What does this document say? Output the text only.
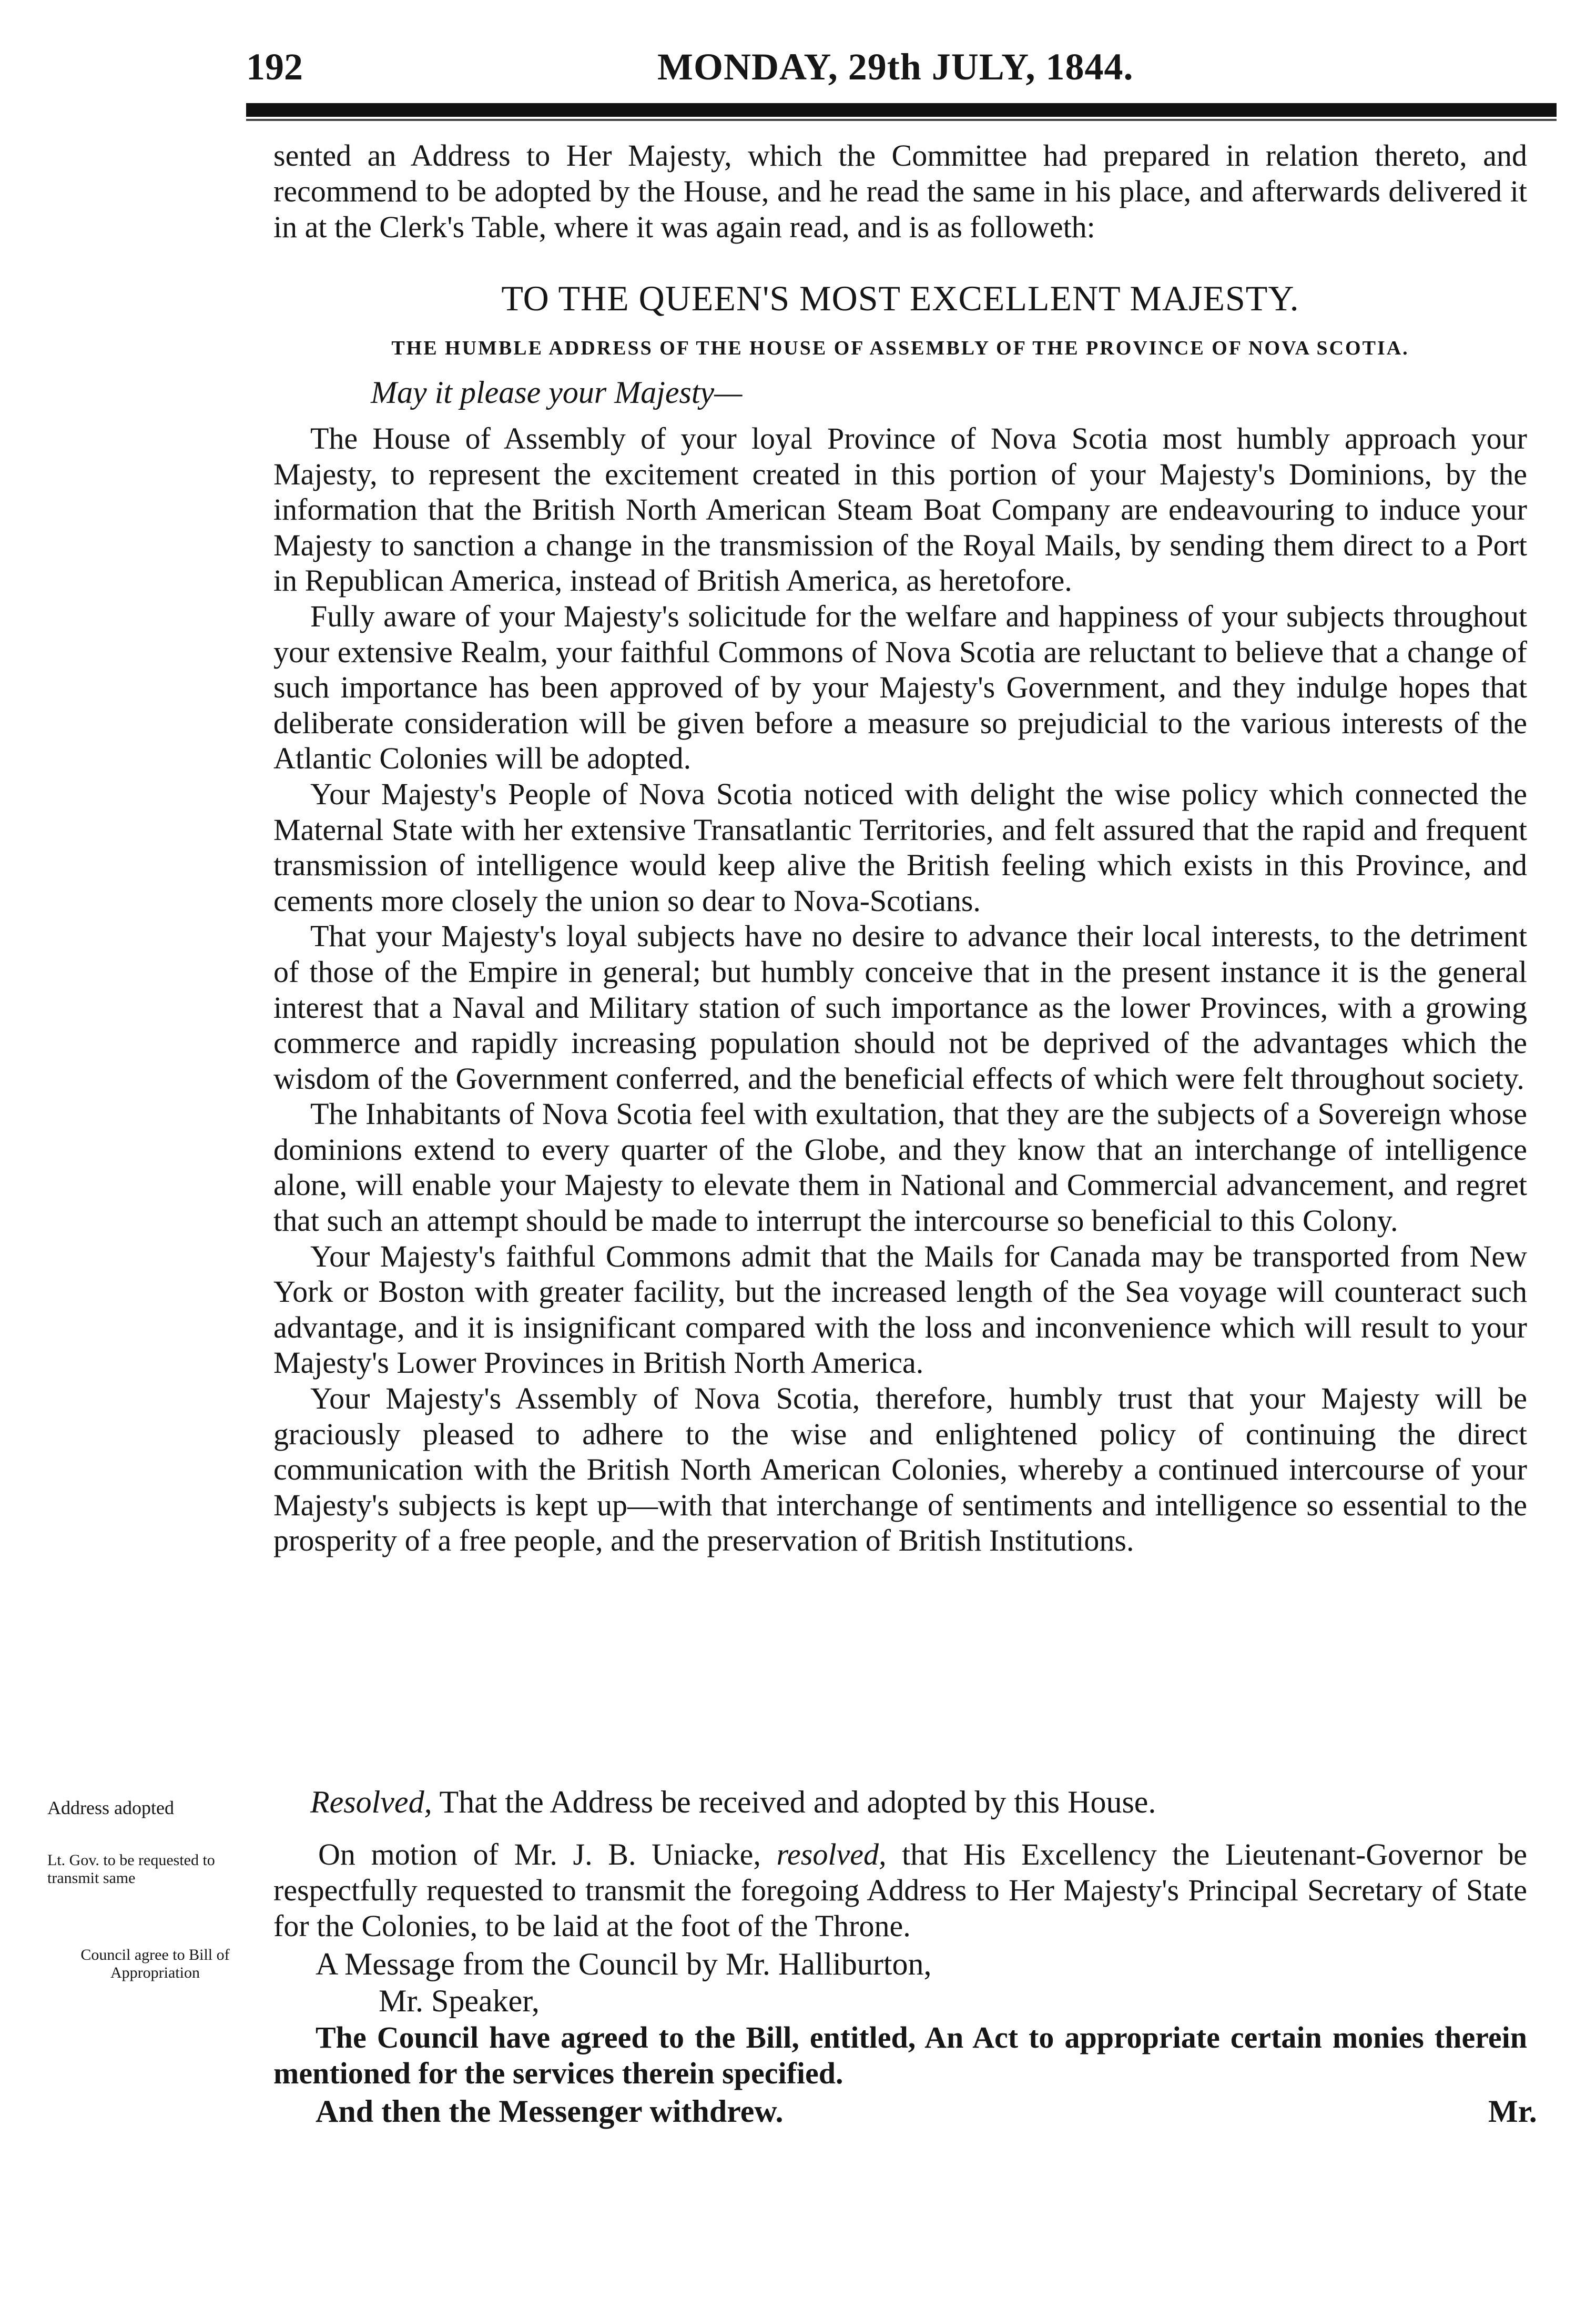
192	MONDAY, 29th JULY, 1844.

sented an Address to Her Majesty, which the Committee had prepared in relation thereto, and recommend to be adopted by the House, and he read the same in his place, and afterwards delivered it in at the Clerk's Table, where it was again read, and is as followeth:

TO THE QUEEN'S MOST EXCELLENT MAJESTY.
THE HUMBLE ADDRESS OF THE HOUSE OF ASSEMBLY OF THE PROVINCE OF NOVA SCOTIA.
May it please your Majesty—

The House of Assembly of your loyal Province of Nova Scotia most humbly approach your Majesty, to represent the excitement created in this portion of your Majesty's Dominions, by the information that the British North American Steam Boat Company are endeavouring to induce your Majesty to sanction a change in the transmission of the Royal Mails, by sending them direct to a Port in Republican America, instead of British America, as heretofore.

Fully aware of your Majesty's solicitude for the welfare and happiness of your subjects throughout your extensive Realm, your faithful Commons of Nova Scotia are reluctant to believe that a change of such importance has been approved of by your Majesty's Government, and they indulge hopes that deliberate consideration will be given before a measure so prejudicial to the various interests of the Atlantic Colonies will be adopted.

Your Majesty's People of Nova Scotia noticed with delight the wise policy which connected the Maternal State with her extensive Transatlantic Territories, and felt assured that the rapid and frequent transmission of intelligence would keep alive the British feeling which exists in this Province, and cements more closely the union so dear to Nova-Scotians.

That your Majesty's loyal subjects have no desire to advance their local interests, to the detriment of those of the Empire in general; but humbly conceive that in the present instance it is the general interest that a Naval and Military station of such importance as the lower Provinces, with a growing commerce and rapidly increasing population should not be deprived of the advantages which the wisdom of the Government conferred, and the beneficial effects of which were felt throughout society.

The Inhabitants of Nova Scotia feel with exultation, that they are the subjects of a Sovereign whose dominions extend to every quarter of the Globe, and they know that an interchange of intelligence alone, will enable your Majesty to elevate them in National and Commercial advancement, and regret that such an attempt should be made to interrupt the intercourse so beneficial to this Colony.

Your Majesty's faithful Commons admit that the Mails for Canada may be transported from New York or Boston with greater facility, but the increased length of the Sea voyage will counteract such advantage, and it is insignificant compared with the loss and inconvenience which will result to your Majesty's Lower Provinces in British North America.

Your Majesty's Assembly of Nova Scotia, therefore, humbly trust that your Majesty will be graciously pleased to adhere to the wise and enlightened policy of continuing the direct communication with the British North American Colonies, whereby a continued intercourse of your Majesty's subjects is kept up—with that interchange of sentiments and intelligence so essential to the prosperity of a free people, and the preservation of British Institutions.

Resolved, That the Address be received and adopted by this House.

On motion of Mr. J. B. Uniacke, resolved, that His Excellency the Lieutenant-Governor be respectfully requested to transmit the foregoing Address to Her Majesty's Principal Secretary of State for the Colonies, to be laid at the foot of the Throne.

A Message from the Council by Mr. Halliburton,
Mr. Speaker,

The Council have agreed to the Bill, entitled, An Act to appropriate certain monies therein mentioned for the services therein specified.

And then the Messenger withdrew.	Mr.
Address adopted
Lt. Gov. to be requested to transmit same
Council agree to Bill of Appropriation
